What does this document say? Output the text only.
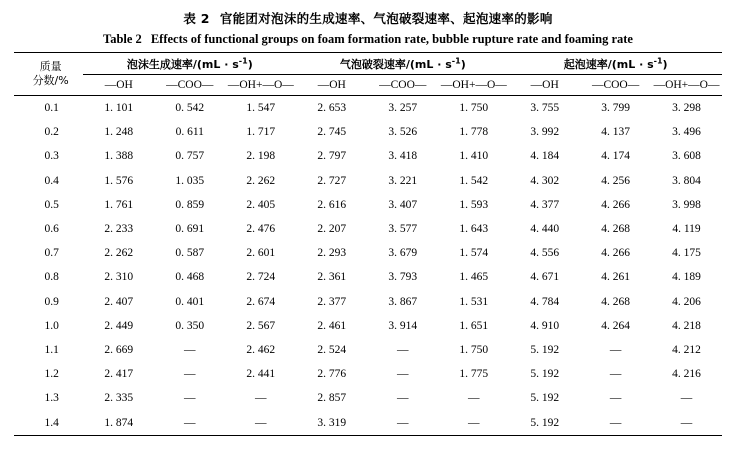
表 2 官能团对泡沫的生成速率、气泡破裂速率、起泡速率的影响
Table 2 Effects of functional groups on foam formation rate, bubble rupture rate and foaming rate
质量
分数/%	泡沫生成速率$/(mL \cdot s^{-1})$			气泡破裂速率$/(mL \cdot s^{-1})$			起泡速率$/(mL \cdot s^{-1})$		
	—OH	—COO—	—OH+—O—	—OH	—COO—	—OH+—O—	—OH	—COO—	—OH+—O—
0.1	1. 101	0. 542	1. 547	2. 653	3. 257	1. 750	3. 755	3. 799	3. 298
0.2	1. 248	0. 611	1. 717	2. 745	3. 526	1. 778	3. 992	4. 137	3. 496
0.3	1. 388	0. 757	2. 198	2. 797	3. 418	1. 410	4. 184	4. 174	3. 608
0.4	1. 576	1. 035	2. 262	2. 727	3. 221	1. 542	4. 302	4. 256	3. 804
0.5	1. 761	0. 859	2. 405	2. 616	3. 407	1. 593	4. 377	4. 266	3. 998
0.6	2. 233	0. 691	2. 476	2. 207	3. 577	1. 643	4. 440	4. 268	4. 119
0.7	2. 262	0. 587	2. 601	2. 293	3. 679	1. 574	4. 556	4. 266	4. 175
0.8	2. 310	0. 468	2. 724	2. 361	3. 793	1. 465	4. 671	4. 261	4. 189
0.9	2. 407	0. 401	2. 674	2. 377	3. 867	1. 531	4. 784	4. 268	4. 206
1.0	2. 449	0. 350	2. 567	2. 461	3. 914	1. 651	4. 910	4. 264	4. 218
1.1	2. 669	—	2. 462	2. 524	—	1. 750	5. 192	—	4. 212
1.2	2. 417	—	2. 441	2. 776	—	1. 775	5. 192	—	4. 216
1.3	2. 335	—	—	2. 857	—	—	5. 192	—	—
1.4	1. 874	—	—	3. 319	—	—	5. 192	—	—
